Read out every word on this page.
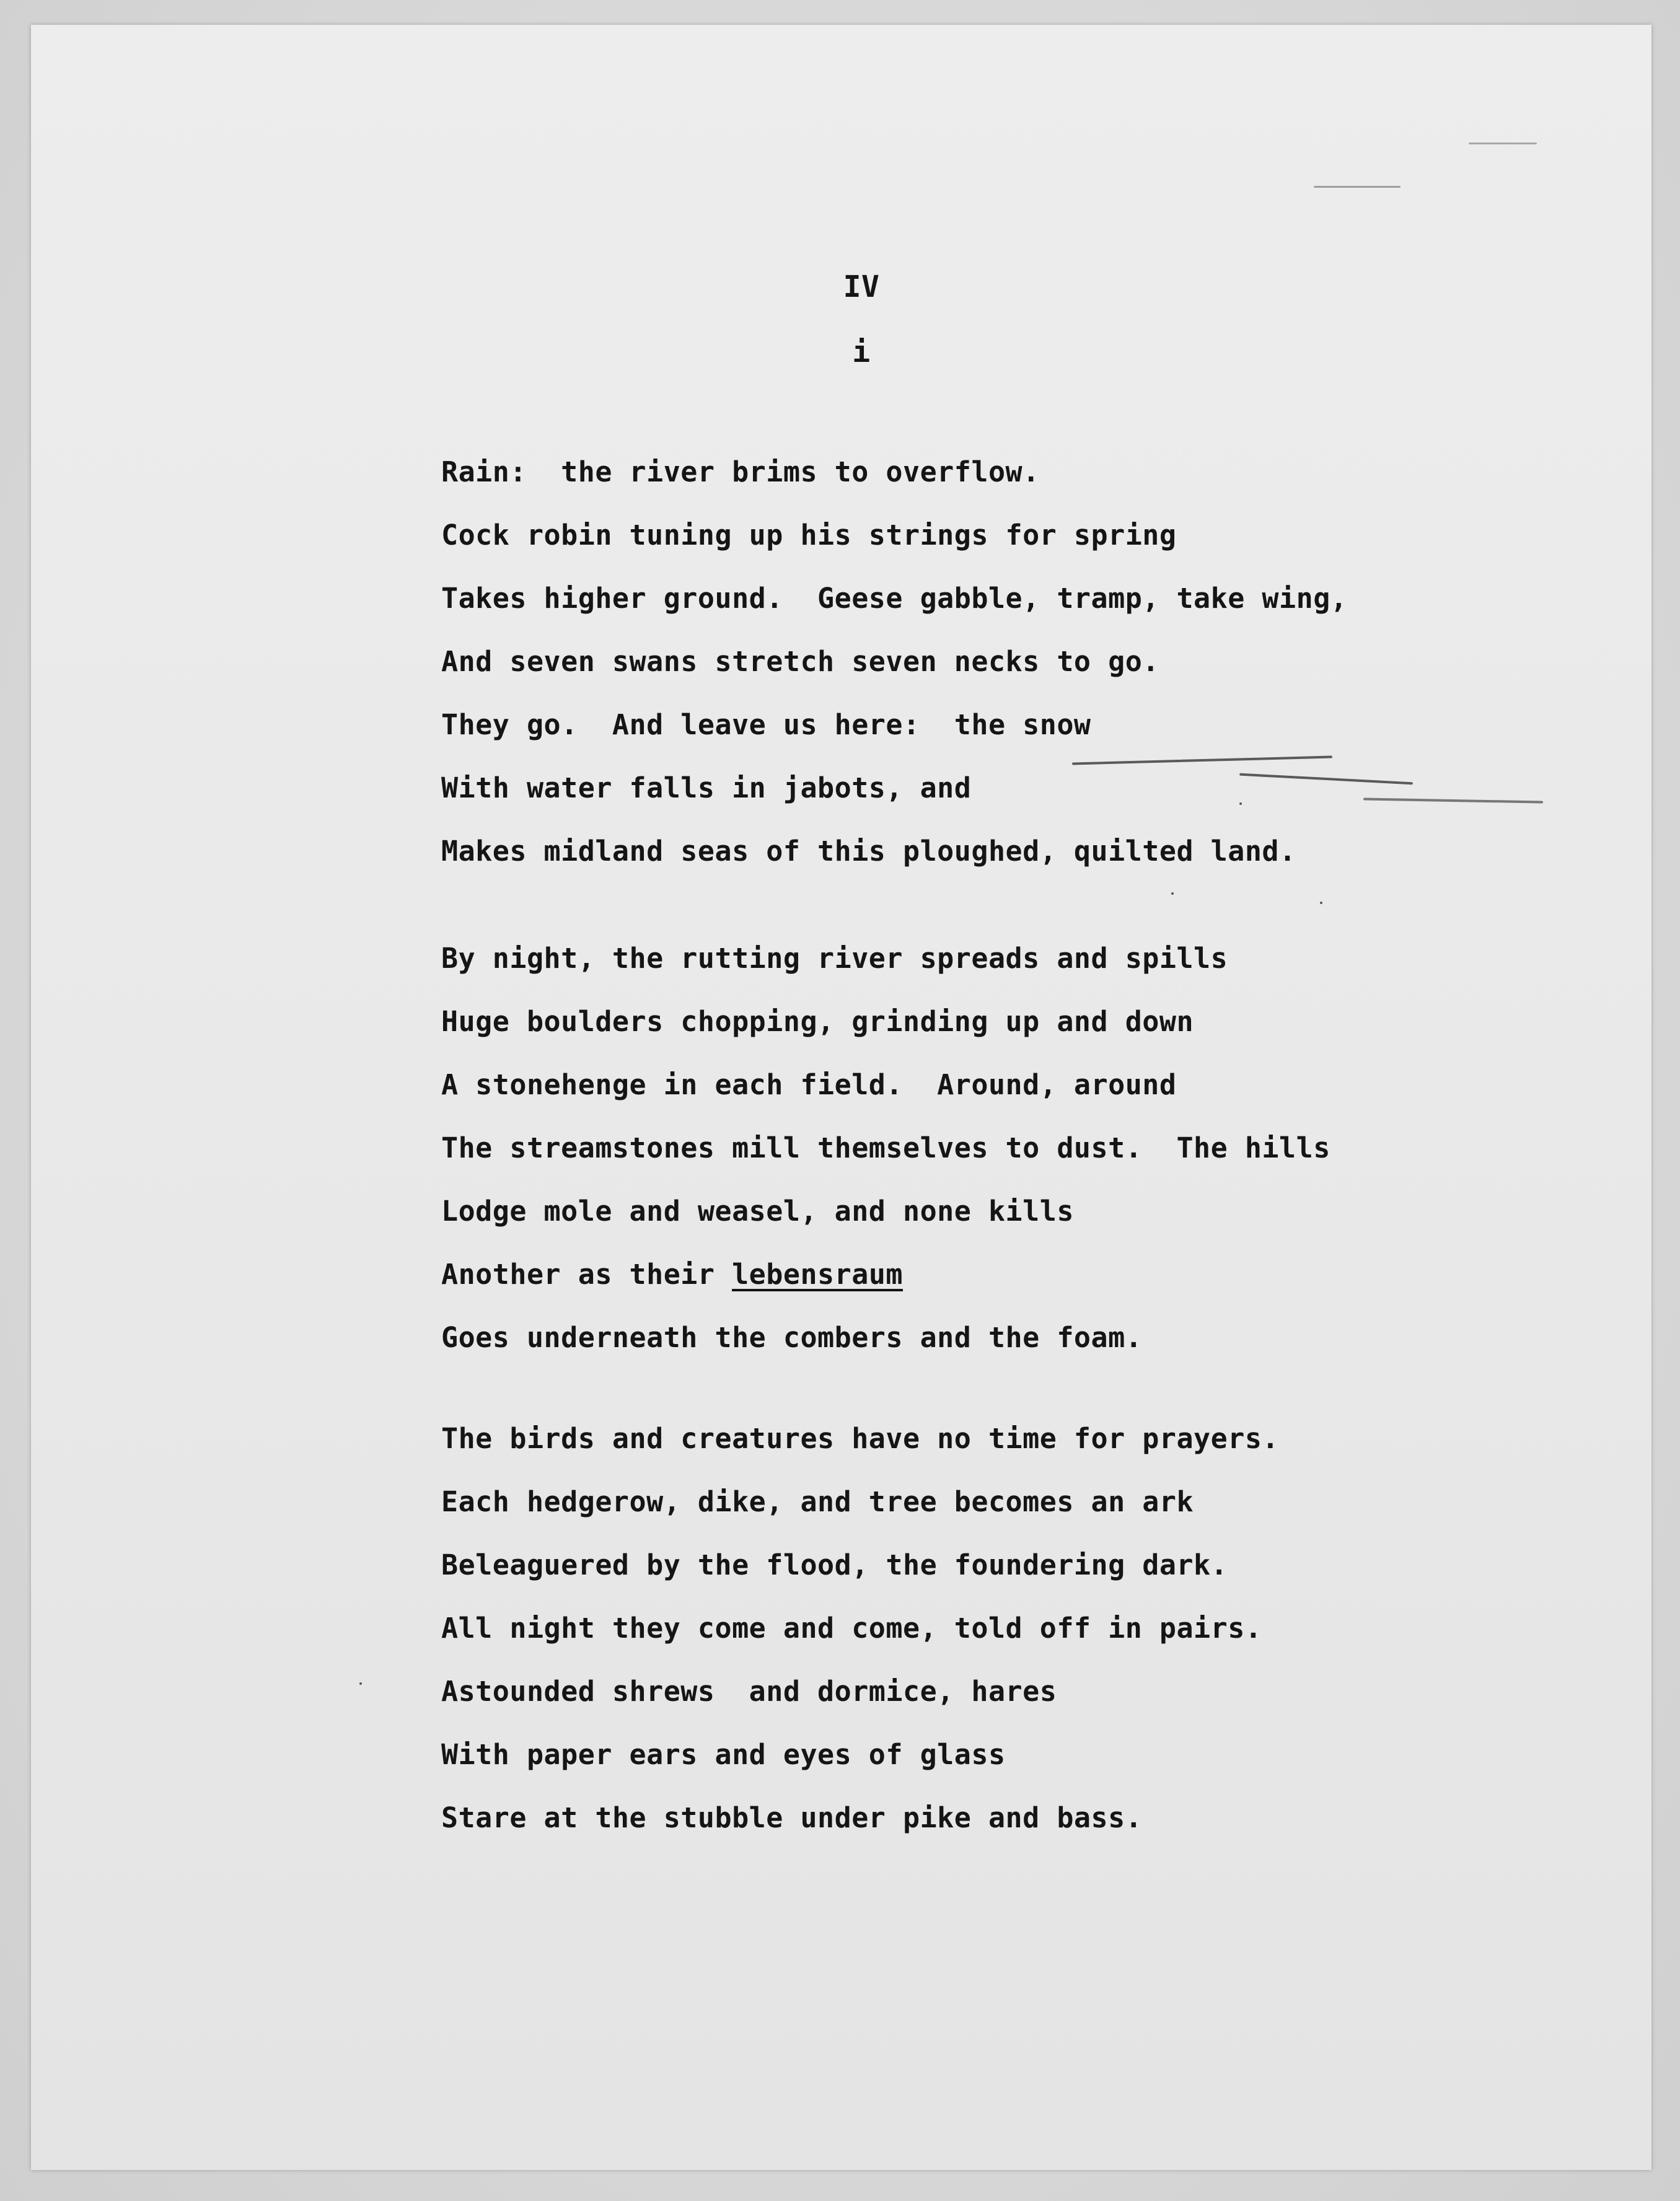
IV
i
Rain:  the river brims to overflow.
Cock robin tuning up his strings for spring
Takes higher ground.  Geese gabble, tramp, take wing,
And seven swans stretch seven necks to go.
They go.  And leave us here:  the snow
With water falls in jabots, and
Makes midland seas of this ploughed, quilted land.
By night, the rutting river spreads and spills
Huge boulders chopping, grinding up and down
A stonehenge in each field.  Around, around
The streamstones mill themselves to dust.  The hills
Lodge mole and weasel, and none kills
Another as their lebensraum
Goes underneath the combers and the foam.
The birds and creatures have no time for prayers.
Each hedgerow, dike, and tree becomes an ark
Beleaguered by the flood, the foundering dark.
All night they come and come, told off in pairs.
Astounded shrews  and dormice, hares
With paper ears and eyes of glass
Stare at the stubble under pike and bass.
